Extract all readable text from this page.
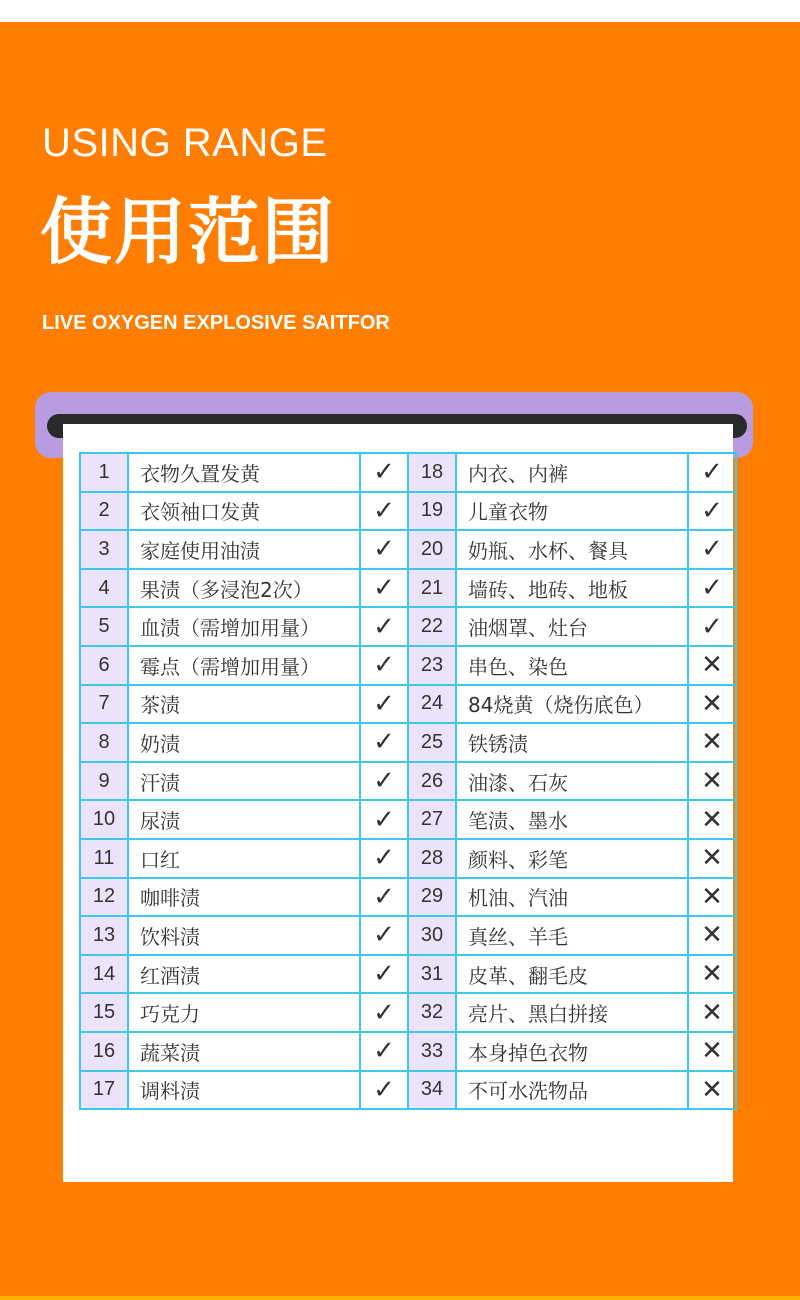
USING RANGE
使用范围
LIVE OXYGEN EXPLOSIVE SAITFOR
1	衣物久置发黄	✓	18	内衣、内裤	✓
2	衣领袖口发黄	✓	19	儿童衣物	✓
3	家庭使用油渍	✓	20	奶瓶、水杯、餐具	✓
4	果渍（多浸泡2次）	✓	21	墙砖、地砖、地板	✓
5	血渍（需增加用量）	✓	22	油烟罩、灶台	✓
6	霉点（需增加用量）	✓	23	串色、染色	✕
7	茶渍	✓	24	84烧黄（烧伤底色）	✕
8	奶渍	✓	25	铁锈渍	✕
9	汗渍	✓	26	油漆、石灰	✕
10	尿渍	✓	27	笔渍、墨水	✕
11	口红	✓	28	颜料、彩笔	✕
12	咖啡渍	✓	29	机油、汽油	✕
13	饮料渍	✓	30	真丝、羊毛	✕
14	红酒渍	✓	31	皮革、翻毛皮	✕
15	巧克力	✓	32	亮片、黑白拼接	✕
16	蔬菜渍	✓	33	本身掉色衣物	✕
17	调料渍	✓	34	不可水洗物品	✕
